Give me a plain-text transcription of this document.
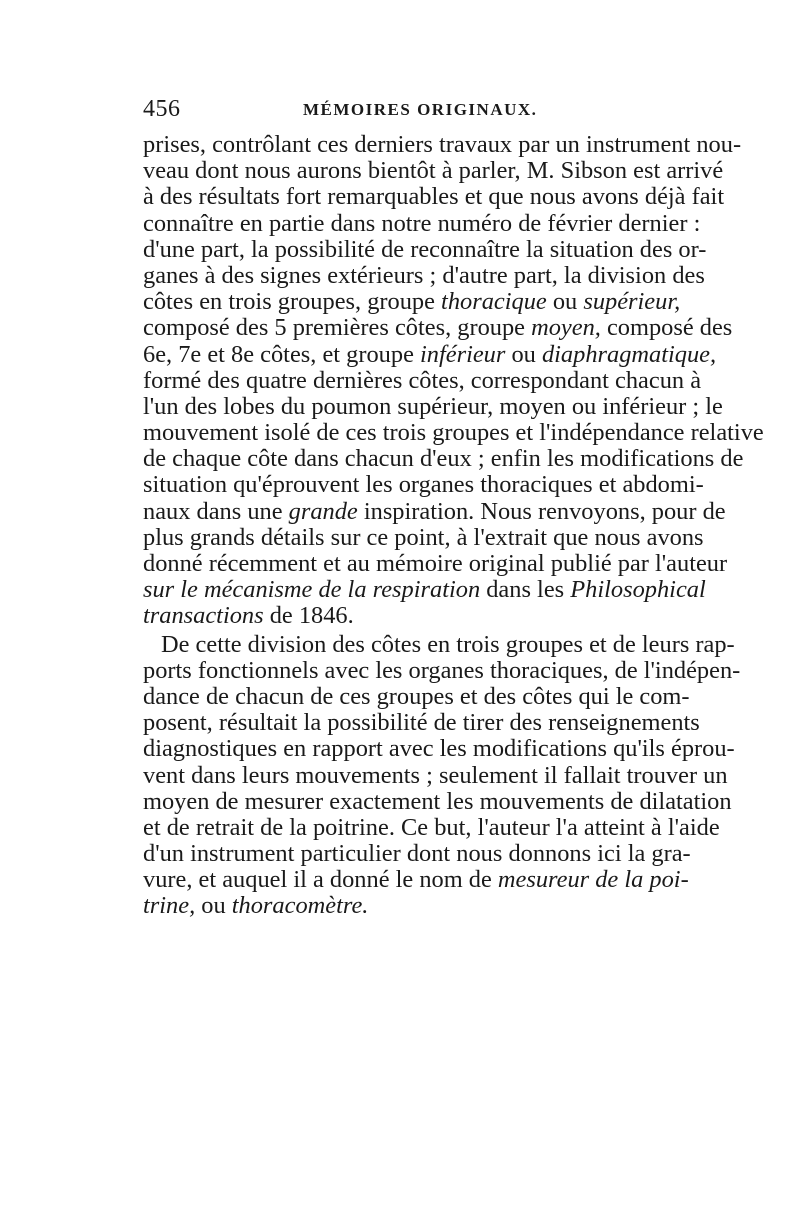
456	MÉMOIRES ORIGINAUX.
prises, contrôlant ces derniers travaux par un instrument nou-
veau dont nous aurons bientôt à parler, M. Sibson est arrivé
à des résultats fort remarquables et que nous avons déjà fait
connaître en partie dans notre numéro de février dernier :
d'une part, la possibilité de reconnaître la situation des or-
ganes à des signes extérieurs ; d'autre part, la division des
côtes en trois groupes, groupe thoracique ou supérieur,
composé des 5 premières côtes, groupe moyen, composé des
6e, 7e et 8e côtes, et groupe inférieur ou diaphragmatique,
formé des quatre dernières côtes, correspondant chacun à
l'un des lobes du poumon supérieur, moyen ou inférieur ; le
mouvement isolé de ces trois groupes et l'indépendance relative
de chaque côte dans chacun d'eux ; enfin les modifications de
situation qu'éprouvent les organes thoraciques et abdomi-
naux dans une grande inspiration. Nous renvoyons, pour de
plus grands détails sur ce point, à l'extrait que nous avons
donné récemment et au mémoire original publié par l'auteur
sur le mécanisme de la respiration dans les Philosophical
transactions de 1846.
De cette division des côtes en trois groupes et de leurs rap-
ports fonctionnels avec les organes thoraciques, de l'indépen-
dance de chacun de ces groupes et des côtes qui le com-
posent, résultait la possibilité de tirer des renseignements
diagnostiques en rapport avec les modifications qu'ils éprou-
vent dans leurs mouvements ; seulement il fallait trouver un
moyen de mesurer exactement les mouvements de dilatation
et de retrait de la poitrine. Ce but, l'auteur l'a atteint à l'aide
d'un instrument particulier dont nous donnons ici la gra-
vure, et auquel il a donné le nom de mesureur de la poi-
trine, ou thoracomètre.
